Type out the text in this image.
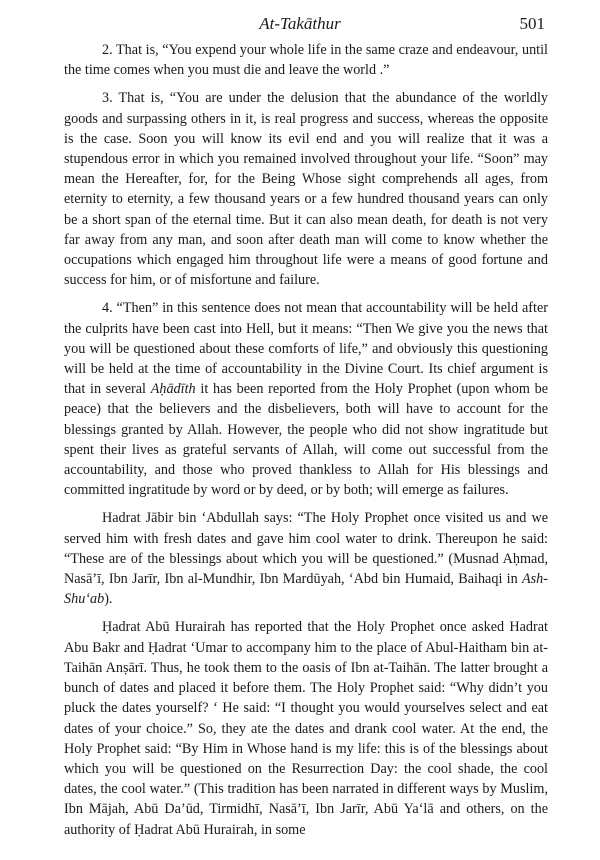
At-Takāthur	501

2. That is, “You expend your whole life in the same craze and endeavour, until the time comes when you must die and leave the world .”

3. That is, “You are under the delusion that the abundance of the worldly goods and surpassing others in it, is real progress and success, whereas the opposite is the case. Soon you will know its evil end and you will realize that it was a stupendous error in which you remained involved throughout your life. “Soon” may mean the Hereafter, for, for the Being Whose sight comprehends all ages, from eternity to eternity, a few thousand years or a few hundred thousand years can only be a short span of the eternal time. But it can also mean death, for death is not very far away from any man, and soon after death man will come to know whether the occupations which engaged him throughout life were a means of good fortune and success for him, or of misfortune and failure.

4. “Then” in this sentence does not mean that accountability will be held after the culprits have been cast into Hell, but it means: “Then We give you the news that you will be questioned about these comforts of life,” and obviously this questioning will be held at the time of accountability in the Divine Court. Its chief argument is that in several Aḥādīth it has been reported from the Holy Prophet (upon whom be peace) that the believers and the disbelievers, both will have to account for the blessings granted by Allah. However, the people who did not show ingratitude but spent their lives as grateful servants of Allah, will come out successful from the accountability, and those who proved thankless to Allah for His blessings and committed ingratitude by word or by deed, or by both; will emerge as failures.

Hadrat Jābir bin ‘Abdullah says: “The Holy Prophet once visited us and we served him with fresh dates and gave him cool water to drink. Thereupon he said: “These are of the blessings about which you will be questioned.” (Musnad Aḥmad, Nasā’ī, Ibn Jarīr, Ibn al-Mundhir, Ibn Mardūyah, ‘Abd bin Humaid, Baihaqi in Ash-Shu‘ab).

Ḥadrat Abū Hurairah has reported that the Holy Prophet once asked Hadrat Abu Bakr and Ḥadrat ‘Umar to accompany him to the place of Abul-Haitham bin at-Taihān Anṣārī. Thus, he took them to the oasis of Ibn at-Taihān. The latter brought a bunch of dates and placed it before them. The Holy Prophet said: “Why didn’t you pluck the dates yourself? ‘ He said: “I thought you would yourselves select and eat dates of your choice.” So, they ate the dates and drank cool water. At the end, the Holy Prophet said: “By Him in Whose hand is my life: this is of the blessings about which you will be questioned on the Resurrection Day: the cool shade, the cool dates, the cool water.” (This tradition has been narrated in different ways by Muslim, Ibn Mājah, Abū Da’ūd, Tirmidhī, Nasā’ī, Ibn Jarīr, Abū Ya‘lā and others, on the authority of Ḥadrat Abū Hurairah, in some
